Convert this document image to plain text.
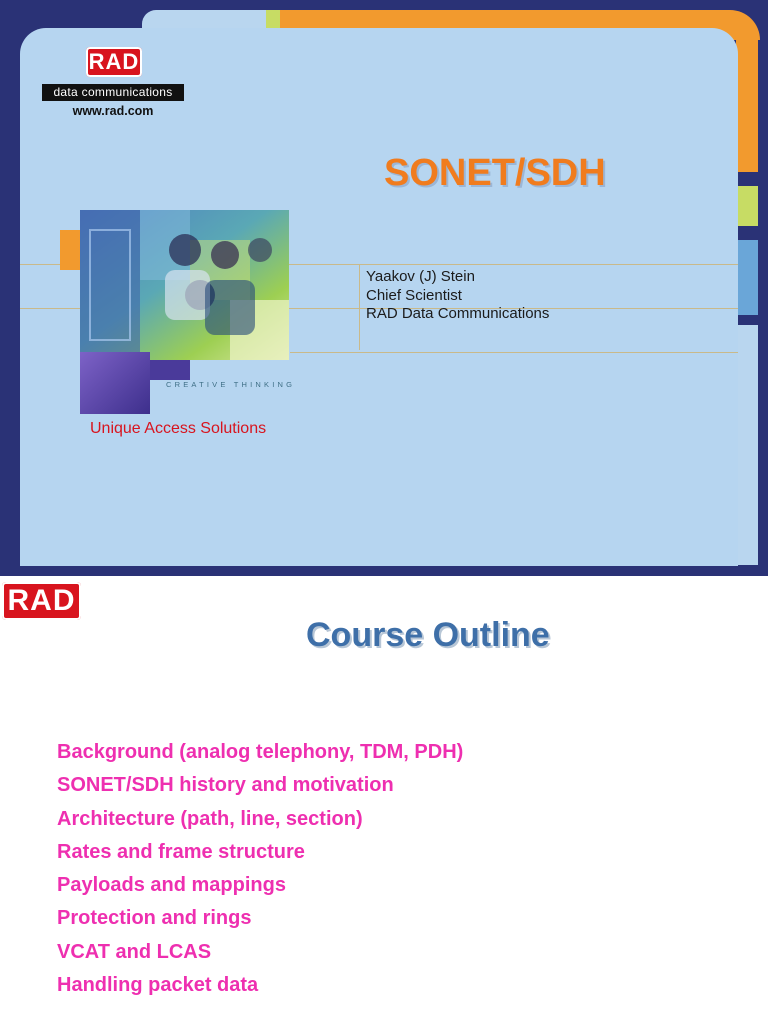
RAD
data communications
www.rad.com
SONET/SDH
Yaakov (J) Stein
Chief Scientist
RAD Data Communications
CREATIVE THINKING
Unique Access Solutions
RAD
Course Outline
Background (analog telephony, TDM, PDH)
SONET/SDH history and motivation
Architecture (path, line, section)
Rates and frame structure
Payloads and mappings
Protection and rings
VCAT and LCAS
Handling packet data
